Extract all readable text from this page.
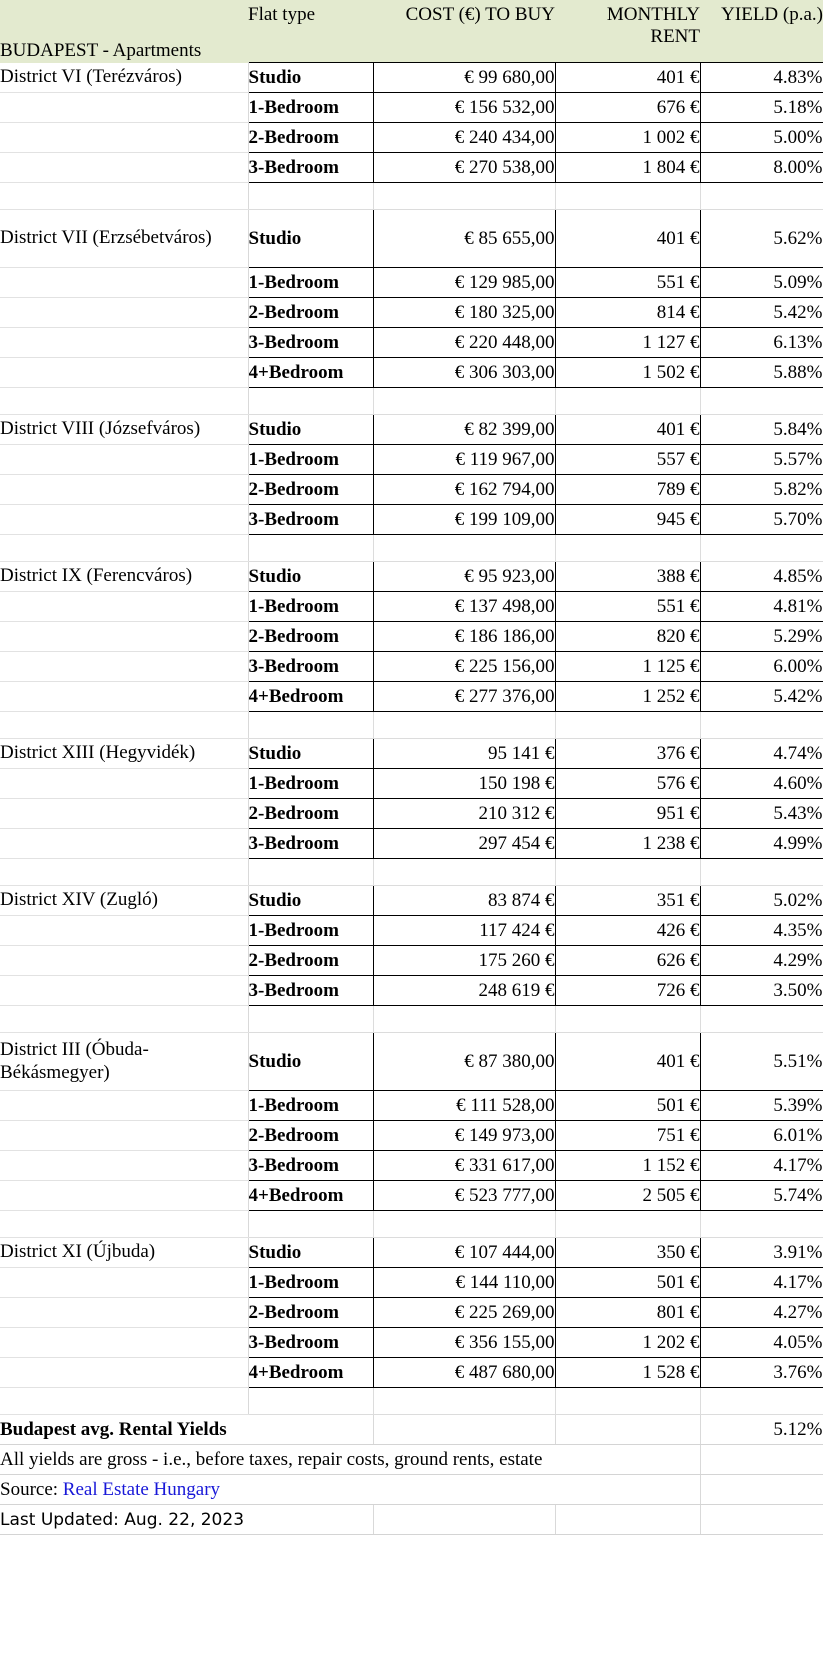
BUDAPEST - Apartments	Flat type	COST (€) TO BUY	MONTHLY RENT	YIELD (p.a.)
District VI (Terézváros)	Studio	€ 99 680,00	401 €	4.83%
	1-Bedroom	€ 156 532,00	676 €	5.18%
	2-Bedroom	€ 240 434,00	1 002 €	5.00%
	3-Bedroom	€ 270 538,00	1 804 €	8.00%

District VII (Erzsébetváros)	Studio	€ 85 655,00	401 €	5.62%
	1-Bedroom	€ 129 985,00	551 €	5.09%
	2-Bedroom	€ 180 325,00	814 €	5.42%
	3-Bedroom	€ 220 448,00	1 127 €	6.13%
	4+Bedroom	€ 306 303,00	1 502 €	5.88%

District VIII (Józsefváros)	Studio	€ 82 399,00	401 €	5.84%
	1-Bedroom	€ 119 967,00	557 €	5.57%
	2-Bedroom	€ 162 794,00	789 €	5.82%
	3-Bedroom	€ 199 109,00	945 €	5.70%

District IX (Ferencváros)	Studio	€ 95 923,00	388 €	4.85%
	1-Bedroom	€ 137 498,00	551 €	4.81%
	2-Bedroom	€ 186 186,00	820 €	5.29%
	3-Bedroom	€ 225 156,00	1 125 €	6.00%
	4+Bedroom	€ 277 376,00	1 252 €	5.42%

District XIII (Hegyvidék)	Studio	95 141 €	376 €	4.74%
	1-Bedroom	150 198 €	576 €	4.60%
	2-Bedroom	210 312 €	951 €	5.43%
	3-Bedroom	297 454 €	1 238 €	4.99%

District XIV (Zugló)	Studio	83 874 €	351 €	5.02%
	1-Bedroom	117 424 €	426 €	4.35%
	2-Bedroom	175 260 €	626 €	4.29%
	3-Bedroom	248 619 €	726 €	3.50%

District III (Óbuda-Békásmegyer)	Studio	€ 87 380,00	401 €	5.51%
	1-Bedroom	€ 111 528,00	501 €	5.39%
	2-Bedroom	€ 149 973,00	751 €	6.01%
	3-Bedroom	€ 331 617,00	1 152 €	4.17%
	4+Bedroom	€ 523 777,00	2 505 €	5.74%

District XI (Újbuda)	Studio	€ 107 444,00	350 €	3.91%
	1-Bedroom	€ 144 110,00	501 €	4.17%
	2-Bedroom	€ 225 269,00	801 €	4.27%
	3-Bedroom	€ 356 155,00	1 202 €	4.05%
	4+Bedroom	€ 487 680,00	1 528 €	3.76%

Budapest avg. Rental Yields				5.12%
All yields are gross - i.e., before taxes, repair costs, ground rents, estate				
Source: Real Estate Hungary				
Last Updated: Aug. 22, 2023				
